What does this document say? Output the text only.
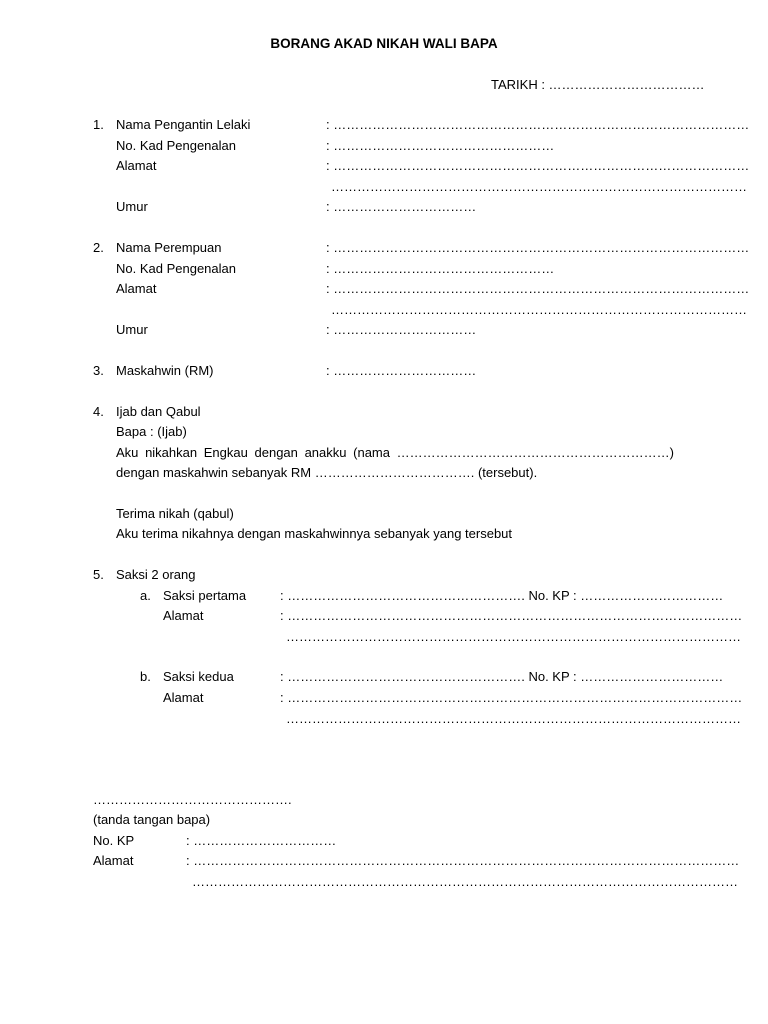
BORANG AKAD NIKAH WALI BAPA
TARIKH : ………………………………
1. Nama Pengantin Lelaki	: ……………………………………………………………………………………
No. Kad Pengenalan	: ……………………………………………
Alamat	: ……………………………………………………………………………………
……………………………………………………………………………………
Umur	: ……………………………
2. Nama Perempuan	: ……………………………………………………………………………………
No. Kad Pengenalan	: ……………………………………………
Alamat	: ……………………………………………………………………………………
……………………………………………………………………………………
Umur	: ……………………………
3. Maskahwin (RM)	: ……………………………
4. Ijab dan Qabul
Bapa : (Ijab)
Aku nikahkan Engkau dengan anakku (nama ………………………………………………………)
dengan maskahwin sebanyak RM ………………………………. (tersebut).
Terima nikah (qabul)
Aku terima nikahnya dengan maskahwinnya sebanyak yang tersebut
5. Saksi 2 orang
a. Saksi pertama	: ………………………………………………. No. KP : ……………………………
Alamat	: ……………………………………………………………………………………………
……………………………………………………………………………………………
b. Saksi kedua	: ………………………………………………. No. KP : ……………………………
Alamat	: ……………………………………………………………………………………………
……………………………………………………………………………………………
……………………………………….
(tanda tangan bapa)
No. KP	: ……………………………
Alamat	: ………………………………………………………………………………………………………………
………………………………………………………………………………………………………………
